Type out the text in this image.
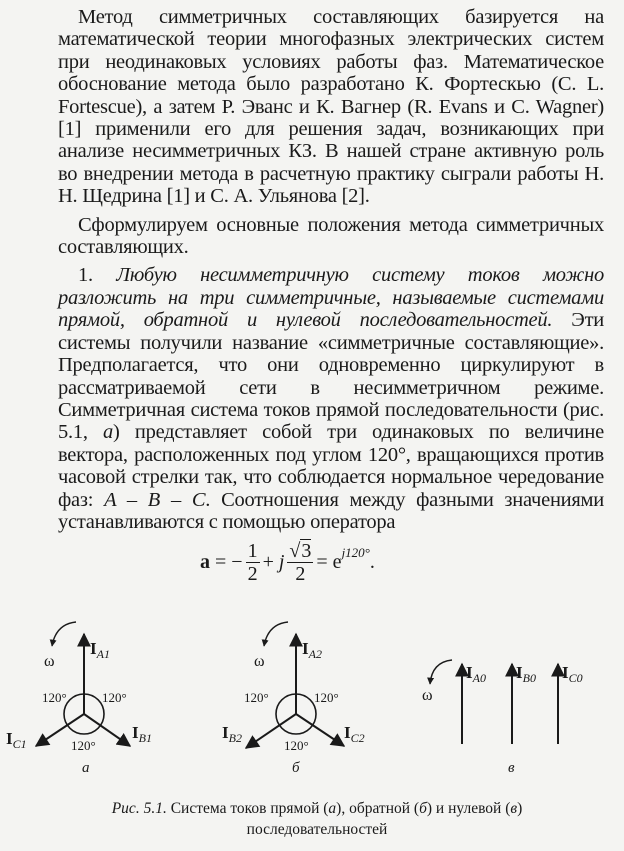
Метод симметричных составляющих базируется на математической теории многофазных электрических систем при неодинаковых условиях работы фаз. Математическое обоснование метода было разработано К. Фортескью (C. L. Fortescue), а затем Р. Эванс и К. Вагнер (R. Evans и C. Wagner) [1] применили его для решения задач, возникающих при анализе несимметричных КЗ. В нашей стране активную роль во внедрении метода в расчетную практику сыграли работы Н. Н. Щедрина [1] и С. А. Ульянова [2].

Сформулируем основные положения метода симметричных составляющих.

1. Любую несимметричную систему токов можно разложить на три симметричные, называемые системами прямой, обратной и нулевой последовательностей. Эти системы получили название «симметричные составляющие». Предполагается, что они одновременно циркулируют в рассматриваемой сети в несимметричном режиме. Симметричная система токов прямой последовательности (рис. 5.1, а) представляет собой три одинаковых по величине вектора, расположенных под углом 120°, вращающихся против часовой стрелки так, что соблюдается нормальное чередование фаз: A – B – C. Соотношения между фазными значениями устанавливаются с помощью оператора

a
=
− $\frac{1}{2}$ +
j $\frac{√ 3}{2}$ =
e j120° .
ω
$I_{A1}$
$I_{B1}$
$I_{C1}$
120°	120°
120°
а
ω
$I_{A2}$
$I_{B2}$	$I_{C2}$
120°	120°
120°
б
ω
$I_{A0}$ $I_{B0}$ $I_{C0}$
в
Рис. 5.1. Система токов прямой (а), обратной (б) и нулевой (в)
последовательностей
